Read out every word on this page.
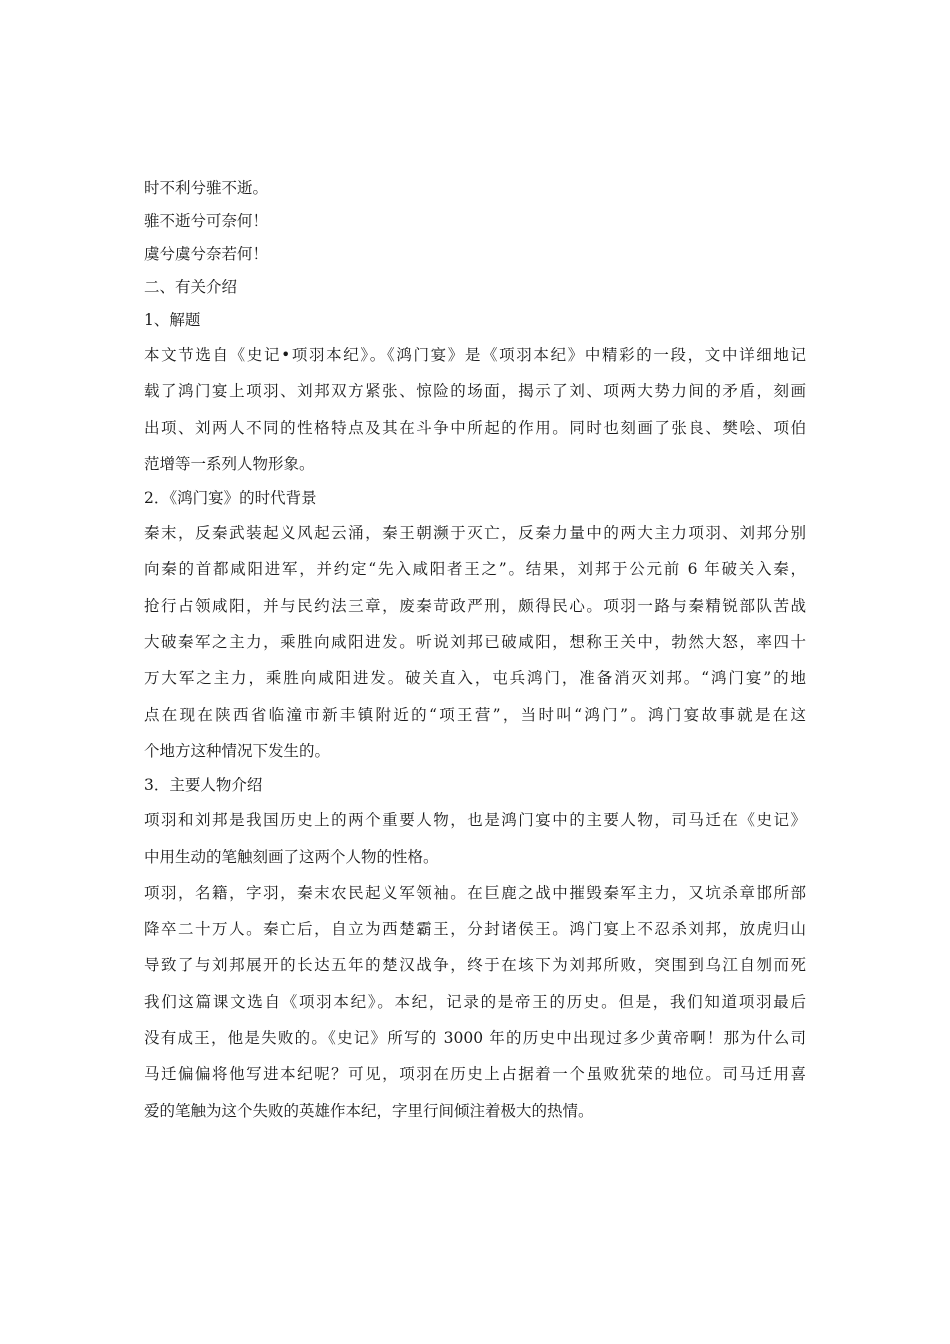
时不利兮骓不逝。
骓不逝兮可奈何！
虞兮虞兮奈若何！
二、有关介绍
1、解题
本文节选自《史记•项羽本纪》。《鸿门宴》是《项羽本纪》中精彩的一段，文中详细地记
载了鸿门宴上项羽、刘邦双方紧张、惊险的场面，揭示了刘、项两大势力间的矛盾，刻画
出项、刘两人不同的性格特点及其在斗争中所起的作用。同时也刻画了张良、樊哙、项伯
范增等一系列人物形象。
2．《鸿门宴》的时代背景
秦末，反秦武装起义风起云涌，秦王朝濒于灭亡，反秦力量中的两大主力项羽、刘邦分别
向秦的首都咸阳进军，并约定“先入咸阳者王之”。结果，刘邦于公元前 6 年破关入秦，
抢行占领咸阳，并与民约法三章，废秦苛政严刑，颇得民心。项羽一路与秦精锐部队苦战
大破秦军之主力，乘胜向咸阳进发。听说刘邦已破咸阳，想称王关中，勃然大怒，率四十
万大军之主力，乘胜向咸阳进发。破关直入，屯兵鸿门，准备消灭刘邦。“鸿门宴”的地
点在现在陕西省临潼市新丰镇附近的“项王营”，当时叫“鸿门”。鸿门宴故事就是在这
个地方这种情况下发生的。
3．主要人物介绍
项羽和刘邦是我国历史上的两个重要人物，也是鸿门宴中的主要人物，司马迁在《史记》
中用生动的笔触刻画了这两个人物的性格。
项羽，名籍，字羽，秦末农民起义军领袖。在巨鹿之战中摧毁秦军主力，又坑杀章邯所部
降卒二十万人。秦亡后，自立为西楚霸王，分封诸侯王。鸿门宴上不忍杀刘邦，放虎归山
导致了与刘邦展开的长达五年的楚汉战争，终于在垓下为刘邦所败，突围到乌江自刎而死
我们这篇课文选自《项羽本纪》。本纪，记录的是帝王的历史。但是，我们知道项羽最后
没有成王，他是失败的。《史记》所写的 3000 年的历史中出现过多少黄帝啊！那为什么司
马迁偏偏将他写进本纪呢？可见，项羽在历史上占据着一个虽败犹荣的地位。司马迁用喜
爱的笔触为这个失败的英雄作本纪，字里行间倾注着极大的热情。
